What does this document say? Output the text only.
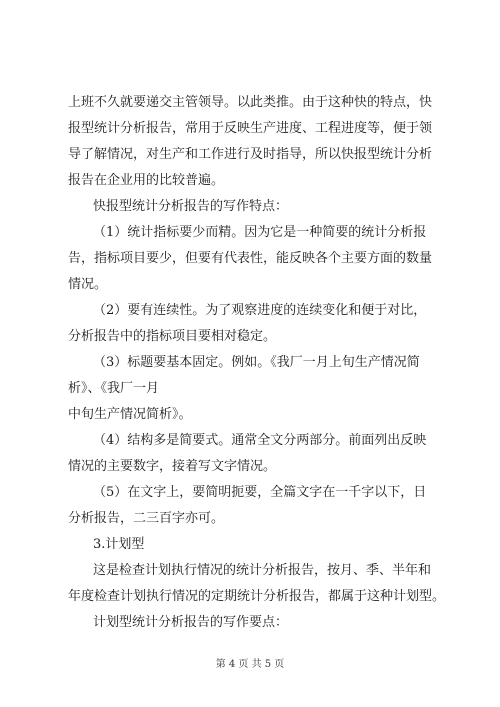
上班不久就要递交主管领导。以此类推。由于这种快的特点，快
报型统计分析报告，常用于反映生产进度、工程进度等，便于领
导了解情况，对生产和工作进行及时指导，所以快报型统计分析
报告在企业用的比较普遍。
快报型统计分析报告的写作特点：
（1）统计指标要少而精。因为它是一种简要的统计分析报
告，指标项目要少，但要有代表性，能反映各个主要方面的数量
情况。
（2）要有连续性。为了观察进度的连续变化和便于对比，
分析报告中的指标项目要相对稳定。
（3）标题要基本固定。例如。《我厂一月上旬生产情况简
析》、《我厂一月
中旬生产情况简析》。
（4）结构多是简要式。通常全文分两部分。前面列出反映
情况的主要数字，接着写文字情况。
（5）在文字上，要简明扼要，全篇文字在一千字以下，日
分析报告，二三百字亦可。
3.计划型
这是检查计划执行情况的统计分析报告，按月、季、半年和
年度检查计划执行情况的定期统计分析报告，都属于这种计划型。
计划型统计分析报告的写作要点：
第 4 页 共 5 页
